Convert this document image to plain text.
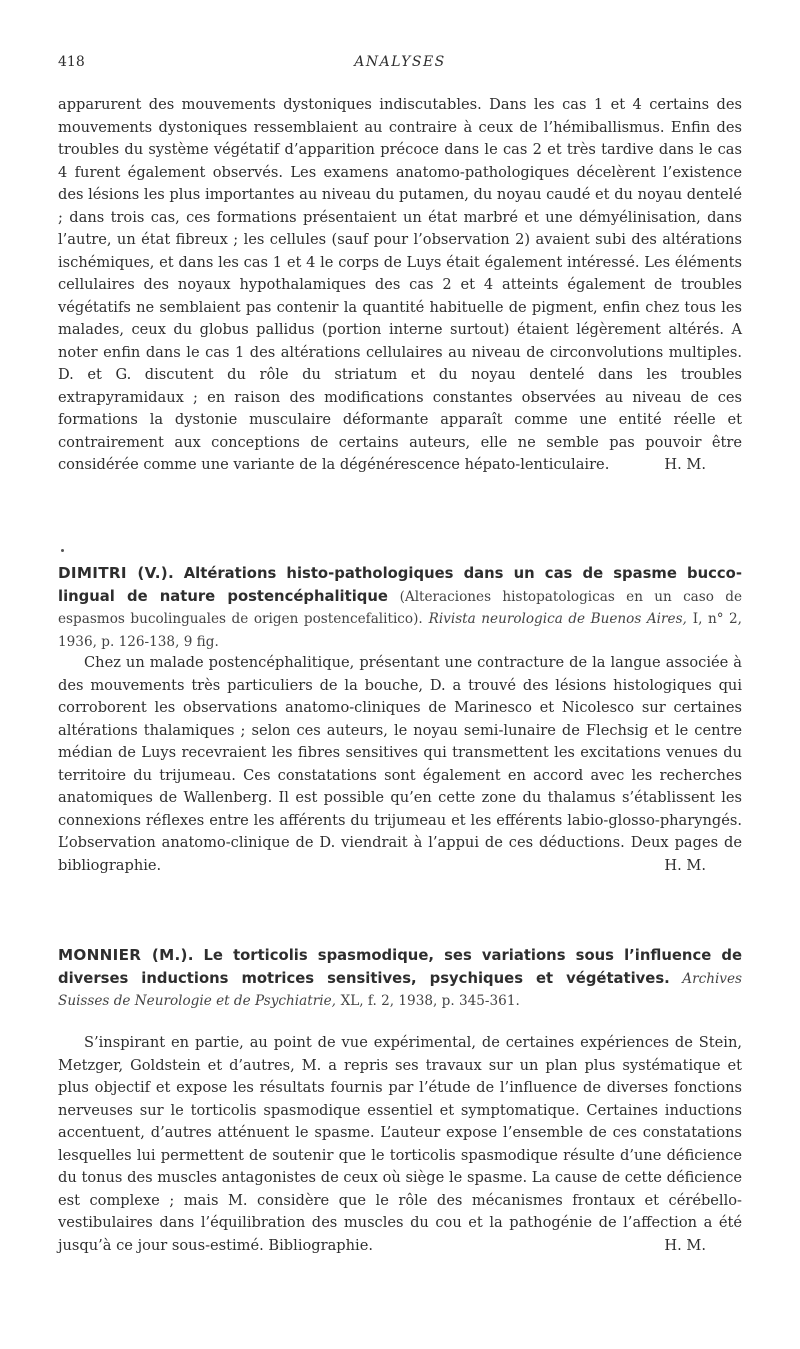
418	ANALYSES

apparurent des mouvements dystoniques indiscutables. Dans les cas 1 et 4 certains des mouvements dystoniques ressemblaient au contraire à ceux de l’hémiballismus. Enfin des troubles du système végétatif d’apparition précoce dans le cas 2 et très tardive dans le cas 4 furent également observés. Les examens anatomo-pathologiques décelèrent l’existence des lésions les plus importantes au niveau du putamen, du noyau caudé et du noyau dentelé ; dans trois cas, ces formations présentaient un état marbré et une démyélinisation, dans l’autre, un état fibreux ; les cellules (sauf pour l’observation 2) avaient subi des altérations ischémiques, et dans les cas 1 et 4 le corps de Luys était également intéressé. Les éléments cellulaires des noyaux hypothalamiques des cas 2 et 4 atteints également de troubles végétatifs ne semblaient pas contenir la quantité habituelle de pigment, enfin chez tous les malades, ceux du globus pallidus (portion interne surtout) étaient légèrement altérés. A noter enfin dans le cas 1 des altérations cellulaires au niveau de circonvolutions multiples. D. et G. discutent du rôle du striatum et du noyau dentelé dans les troubles extrapyramidaux ; en raison des modifications constantes observées au niveau de ces formations la dystonie musculaire déformante apparaît comme une entité réelle et contrairement aux conceptions de certains auteurs, elle ne semble pas pouvoir être considérée comme une variante de la dégénérescence hépato-lenticulaire.	H. M.

DIMITRI (V.). Altérations histo-pathologiques dans un cas de spasme bucco-lingual de nature postencéphalitique (Alteraciones histopatologicas en un caso de espasmos bucolinguales de origen postencefalitico). Rivista neurologica de Buenos Aires, I, n° 2, 1936, p. 126-138, 9 fig.

Chez un malade postencéphalitique, présentant une contracture de la langue associée à des mouvements très particuliers de la bouche, D. a trouvé des lésions histologiques qui corroborent les observations anatomo-cliniques de Marinesco et Nicolesco sur certaines altérations thalamiques ; selon ces auteurs, le noyau semi-lunaire de Flechsig et le centre médian de Luys recevraient les fibres sensitives qui transmettent les excitations venues du territoire du trijumeau. Ces constatations sont également en accord avec les recherches anatomiques de Wallenberg. Il est possible qu’en cette zone du thalamus s’établissent les connexions réflexes entre les afférents du trijumeau et les efférents labio-glosso-pharyngés. L’observation anatomo-clinique de D. viendrait à l’appui de ces déductions. Deux pages de bibliographie.	H. M.

MONNIER (M.). Le torticolis spasmodique, ses variations sous l’influence de diverses inductions motrices sensitives, psychiques et végétatives. Archives Suisses de Neurologie et de Psychiatrie, XL, f. 2, 1938, p. 345-361.

S’inspirant en partie, au point de vue expérimental, de certaines expériences de Stein, Metzger, Goldstein et d’autres, M. a repris ses travaux sur un plan plus systématique et plus objectif et expose les résultats fournis par l’étude de l’influence de diverses fonctions nerveuses sur le torticolis spasmodique essentiel et symptomatique. Certaines inductions accentuent, d’autres atténuent le spasme. L’auteur expose l’ensemble de ces constatations lesquelles lui permettent de soutenir que le torticolis spasmodique résulte d’une déficience du tonus des muscles antagonistes de ceux où siège le spasme. La cause de cette déficience est complexe ; mais M. considère que le rôle des mécanismes frontaux et cérébello-vestibulaires dans l’équilibration des muscles du cou et la pathogénie de l’affection a été jusqu’à ce jour sous-estimé. Bibliographie.	H. M.
